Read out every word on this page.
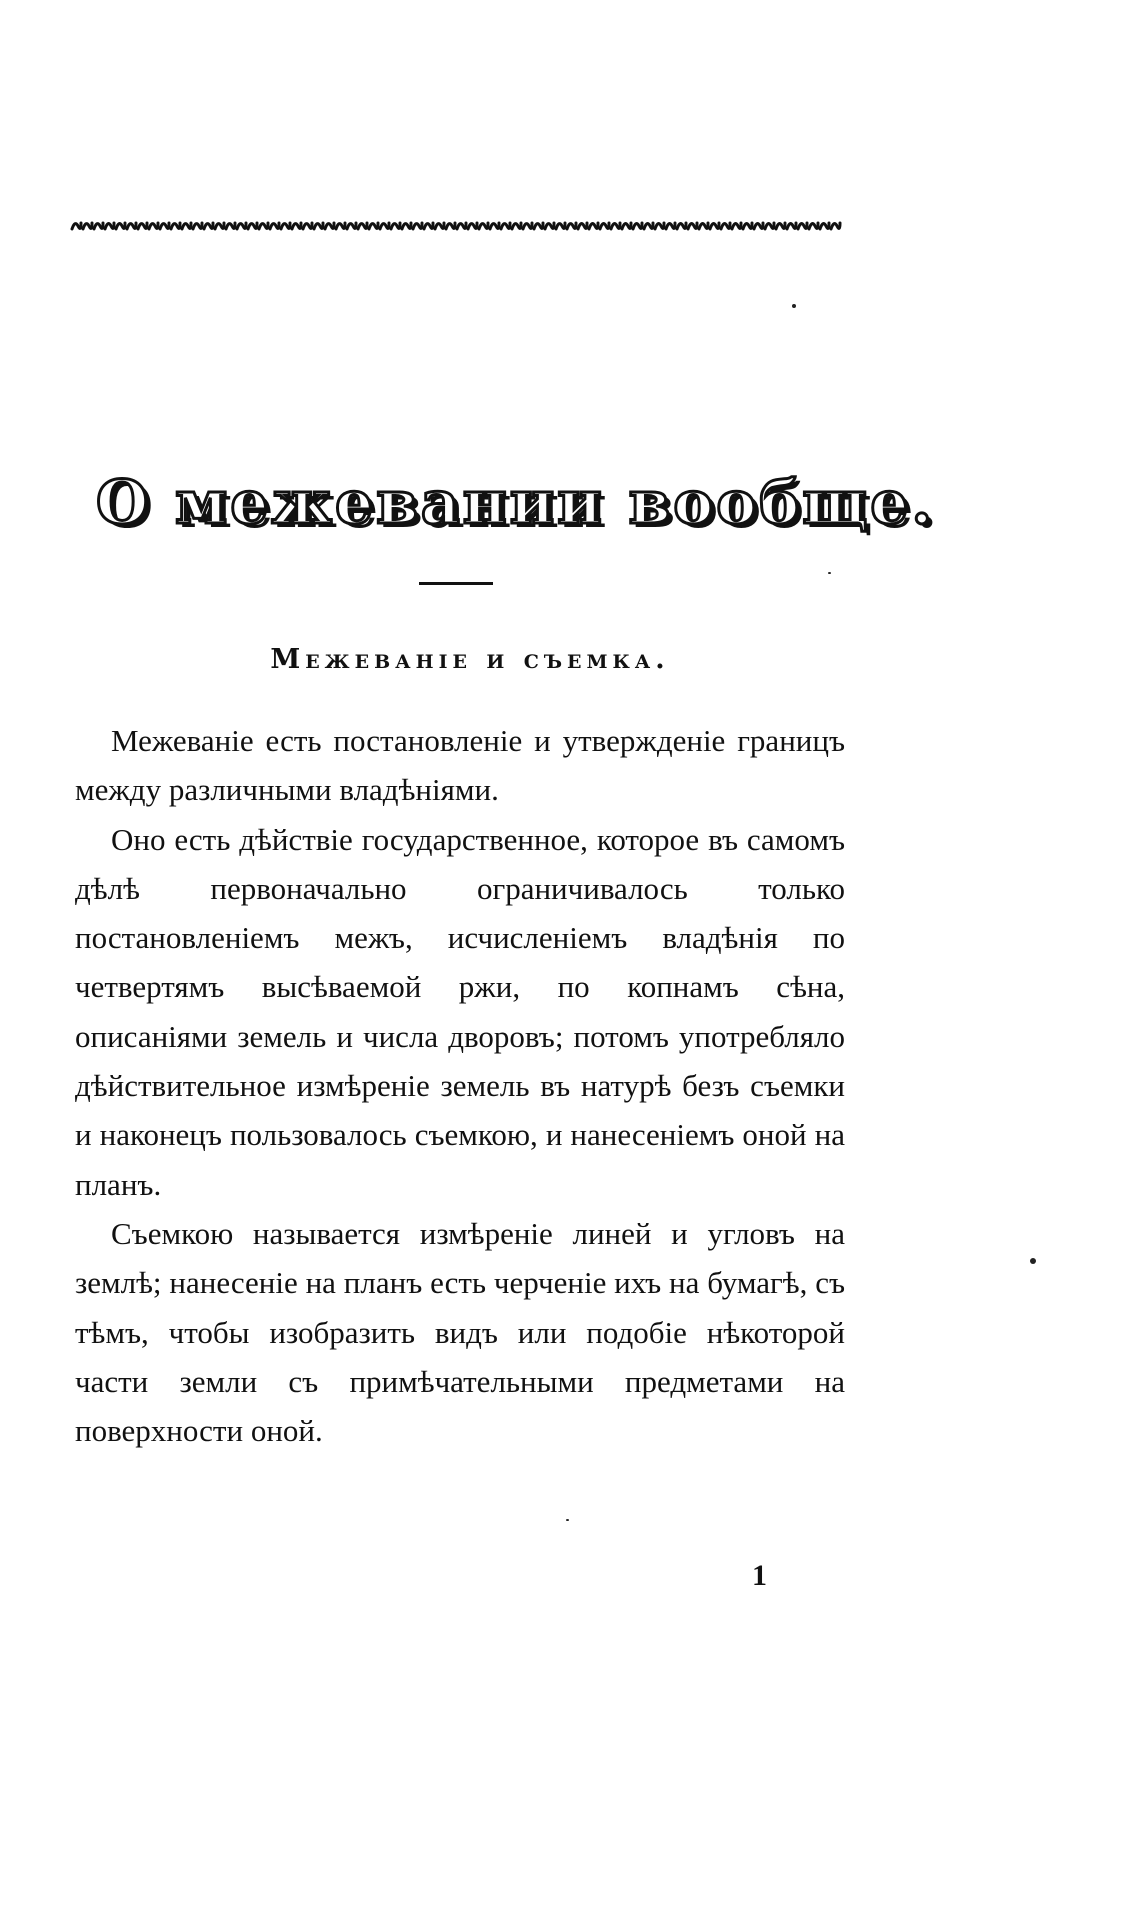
О межевании вообще.
Межеваніе и съемка.

Межеваніе есть постановленіе и утвержденіе границъ между различными владѣніями.

Оно есть дѣйствіе государственное, которое въ самомъ дѣлѣ первоначально ограничивалось только постановленіемъ межъ, исчисленіемъ владѣнія по четвертямъ высѣваемой ржи, по копнамъ сѣна, описаніями земель и числа дворовъ; потомъ употребляло дѣйствительное измѣреніе земель въ натурѣ безъ съемки и наконецъ пользовалось съемкою, и нанесеніемъ оной на планъ.

Съемкою называется измѣреніе линей и угловъ на землѣ; нанесеніе на планъ есть черченіе ихъ на бумагѣ, съ тѣмъ, чтобы изобразить видъ или подобіе нѣкоторой части земли съ примѣчательными предметами на поверхности оной.

1
